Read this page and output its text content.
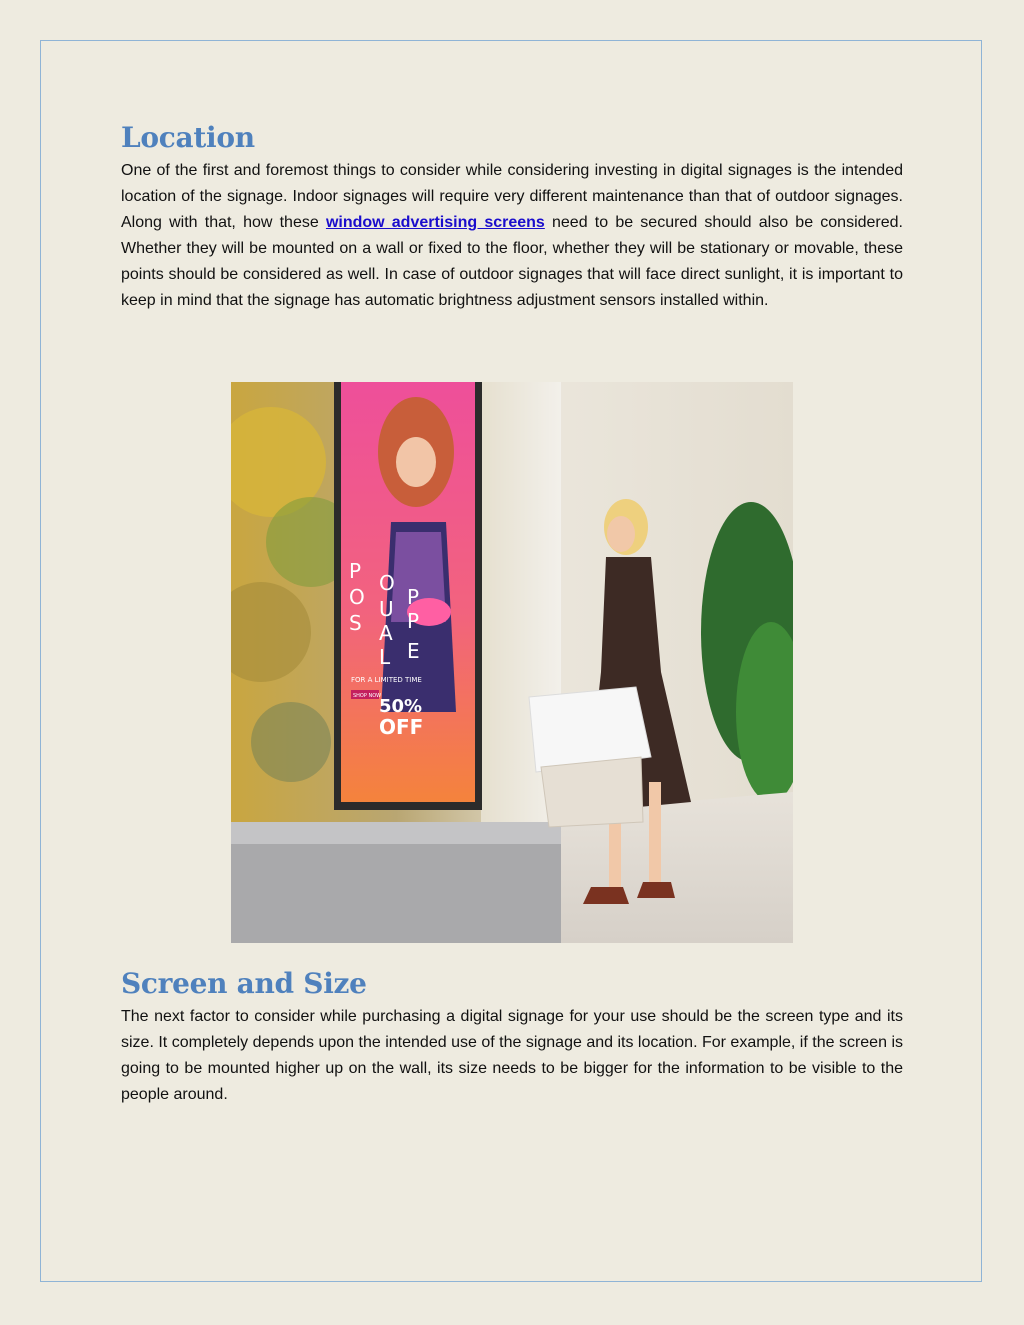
Location

One of the first and foremost things to consider while considering investing in digital signages is the intended location of the signage. Indoor signages will require very different maintenance than that of outdoor signages. Along with that, how these window advertising screens need to be secured should also be considered. Whether they will be mounted on a wall or fixed to the floor, whether they will be stationary or movable, these points should be considered as well. In case of outdoor signages that will face direct sunlight, it is important to keep in mind that the signage has automatic brightness adjustment sensors installed within.

P
O
S
O
U
A
L
P
P
E
FOR A LIMITED TIME
SHOP NOW
50%
OFF
Screen and Size

The next factor to consider while purchasing a digital signage for your use should be the screen type and its size. It completely depends upon the intended use of the signage and its location. For example, if the screen is going to be mounted higher up on the wall, its size needs to be bigger for the information to be visible to the people around.
